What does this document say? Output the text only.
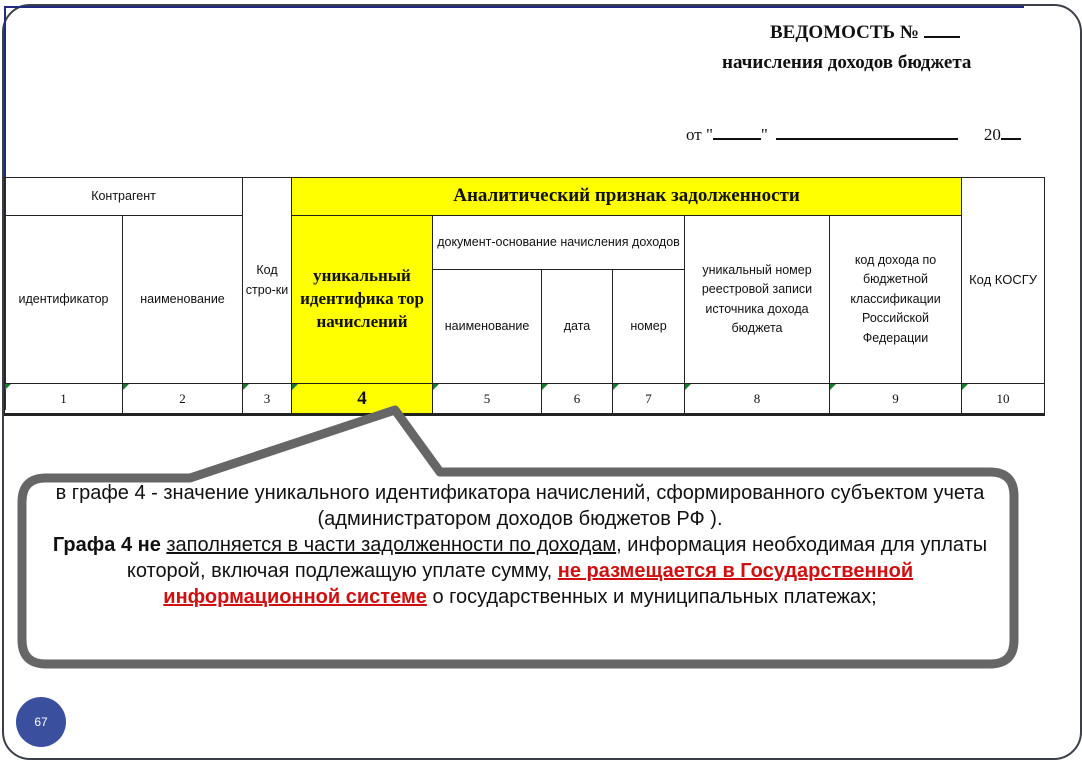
ВЕДОМОСТЬ №
начисления доходов бюджета
от "	"	20
Контрагент		Код стро-ки	Аналитический признак задолженности						Код КОСГУ
идентификатор	наименование		уникальный идентифика тор начислений	документ-основание начисления доходов			уникальный номер реестровой записи источника дохода бюджета	код дохода по бюджетной классификации Российской Федерации	
				наименование	дата	номер			

1	2	3	4	5	6	7	8	9	10
в графе 4 - значение уникального идентификатора начислений, сформированного субъектом учета (администратором доходов бюджетов РФ ).
Графа 4 не заполняется в части задолженности по доходам, информация необходимая для уплаты которой, включая подлежащую уплате сумму, не размещается в Государственной информационной системе о государственных и муниципальных платежах;
67
